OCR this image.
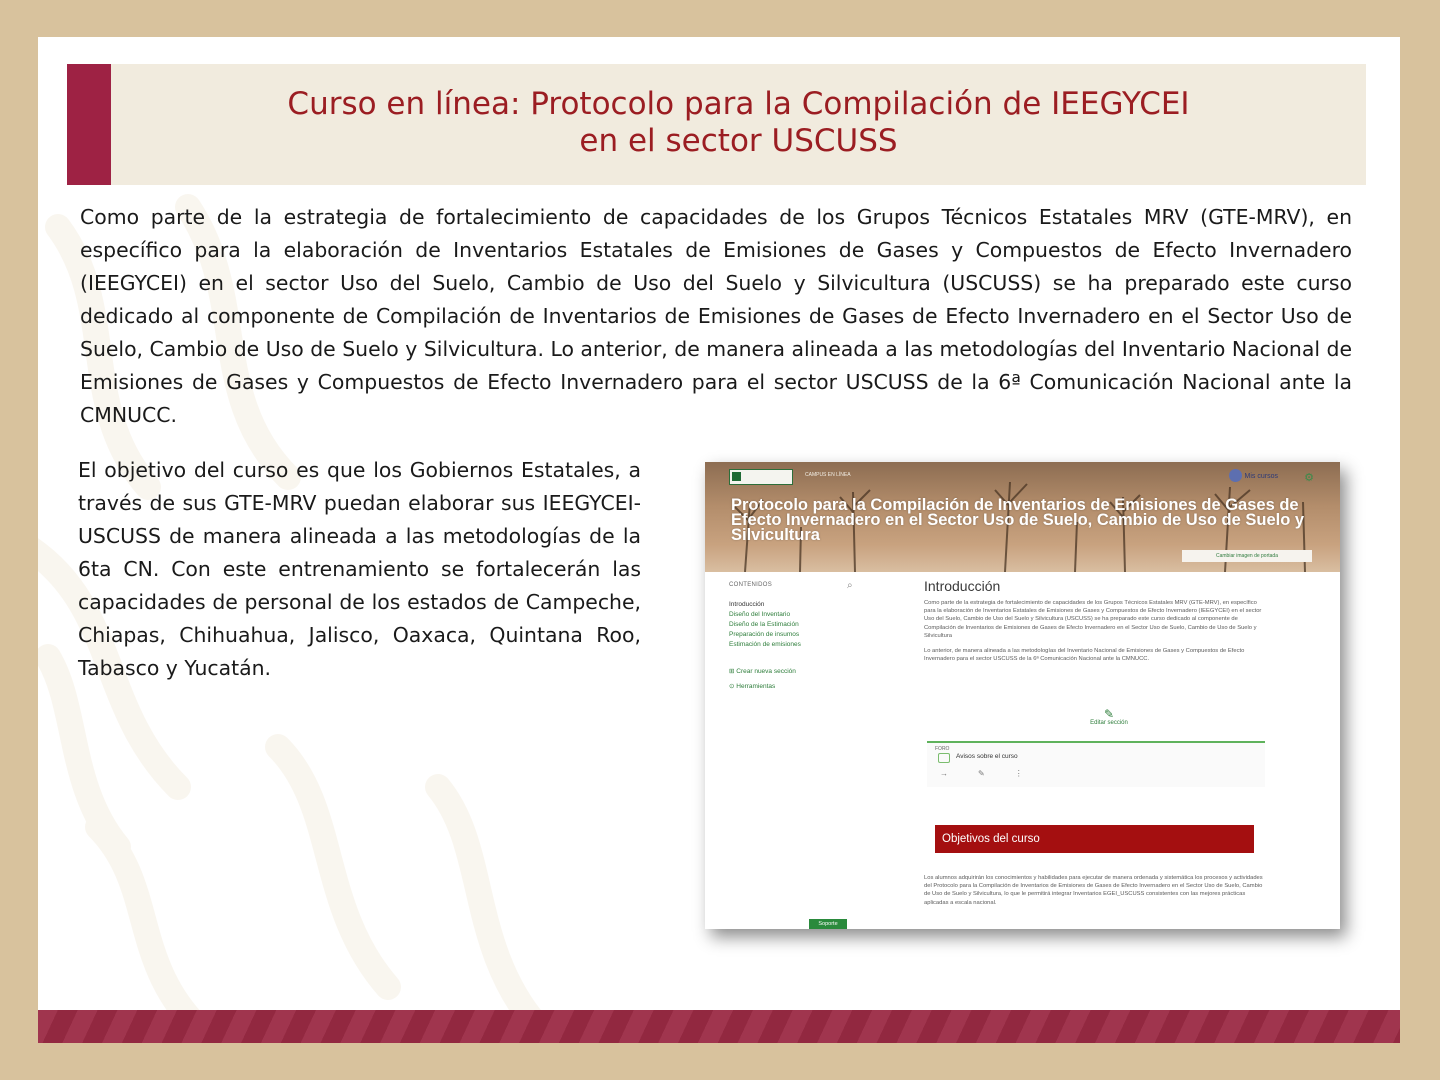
Curso en línea: Protocolo para la Compilación de IEEGYCEI
en el sector USCUSS
Como parte de la estrategia de fortalecimiento de capacidades de los Grupos Técnicos Estatales MRV (GTE-MRV), en específico para la elaboración de Inventarios Estatales de Emisiones de Gases y Compuestos de Efecto Invernadero (IEEGYCEI) en el sector Uso del Suelo, Cambio de Uso del Suelo y Silvicultura (USCUSS) se ha preparado este curso dedicado al componente de Compilación de Inventarios de Emisiones de Gases de Efecto Invernadero en el Sector Uso de Suelo, Cambio de Uso de Suelo y Silvicultura. Lo anterior, de manera alineada a las metodologías del Inventario Nacional de Emisiones de Gases y Compuestos de Efecto Invernadero para el sector USCUSS de la 6ª Comunicación Nacional ante la CMNUCC.
El objetivo del curso es que los Gobiernos Estatales, a través de sus GTE-MRV puedan elaborar sus IEEGYCEI-USCUSS de manera alineada a las metodologías de la 6ta CN. Con este entrenamiento se fortalecerán las capacidades de personal de los estados de Campeche, Chiapas, Chihuahua, Jalisco, Oaxaca, Quintana Roo, Tabasco y Yucatán.
CAMPUS EN LÍNEA	Mis cursos ⚙
Protocolo para la Compilación de Inventarios de Emisiones de Gases de Efecto Invernadero en el Sector Uso de Suelo, Cambio de Uso de Suelo y Silvicultura
Cambiar imagen de portada
CONTENIDOS	⌕
Introducción
Diseño del Inventario
Diseño de la Estimación
Preparación de insumos
Estimación de emisiones
⊞ Crear nueva sección
⊙ Herramientas
Soporte
Introducción
Como parte de la estrategia de fortalecimiento de capacidades de los Grupos Técnicos Estatales MRV (GTE-MRV), en específico para la elaboración de Inventarios Estatales de Emisiones de Gases y Compuestos de Efecto Invernadero (IEEGYCEI) en el sector Uso del Suelo, Cambio de Uso del Suelo y Silvicultura (USCUSS) se ha preparado este curso dedicado al componente de Compilación de Inventarios de Emisiones de Gases de Efecto Invernadero en el Sector Uso de Suelo, Cambio de Uso de Suelo y Silvicultura
Lo anterior, de manera alineada a las metodologías del Inventario Nacional de Emisiones de Gases y Compuestos de Efecto Invernadero para el sector USCUSS de la 6ª Comunicación Nacional ante la CMNUCC.
✎
Editar sección
FORO
Avisos sobre el curso
→✎⋮
Objetivos del curso
Los alumnos adquirirán los conocimientos y habilidades para ejecutar de manera ordenada y sistemática los procesos y actividades del Protocolo para la Compilación de Inventarios de Emisiones de Gases de Efecto Invernadero en el Sector Uso de Suelo, Cambio de Uso de Suelo y Silvicultura, lo que le permitirá integrar Inventarios EGEI_USCUSS consistentes con las mejores prácticas aplicadas a escala nacional.
